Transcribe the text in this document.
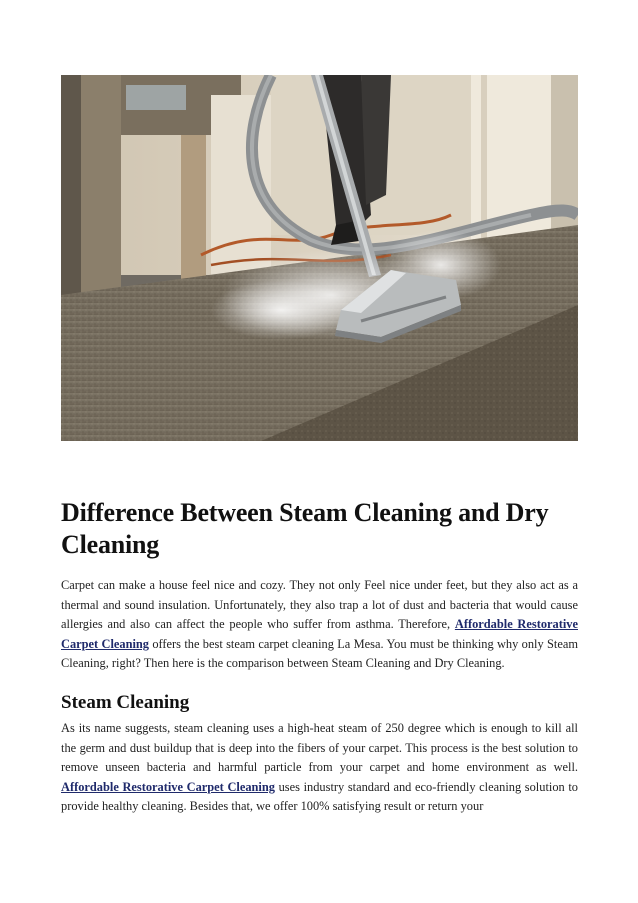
Difference Between Steam Cleaning and Dry Cleaning

Carpet can make a house feel nice and cozy. They not only Feel nice under feet, but they also act as a thermal and sound insulation. Unfortunately, they also trap a lot of dust and bacteria that would cause allergies and also can affect the people who suffer from asthma. Therefore, Affordable Restorative Carpet Cleaning offers the best steam carpet cleaning La Mesa. You must be thinking why only Steam Cleaning, right? Then here is the comparison between Steam Cleaning and Dry Cleaning.

Steam Cleaning

As its name suggests, steam cleaning uses a high-heat steam of 250 degree which is enough to kill all the germ and dust buildup that is deep into the fibers of your carpet. This process is the best solution to remove unseen bacteria and harmful particle from your carpet and home environment as well. Affordable Restorative Carpet Cleaning uses industry standard and eco-friendly cleaning solution to provide healthy cleaning. Besides that, we offer 100% satisfying result or return your
